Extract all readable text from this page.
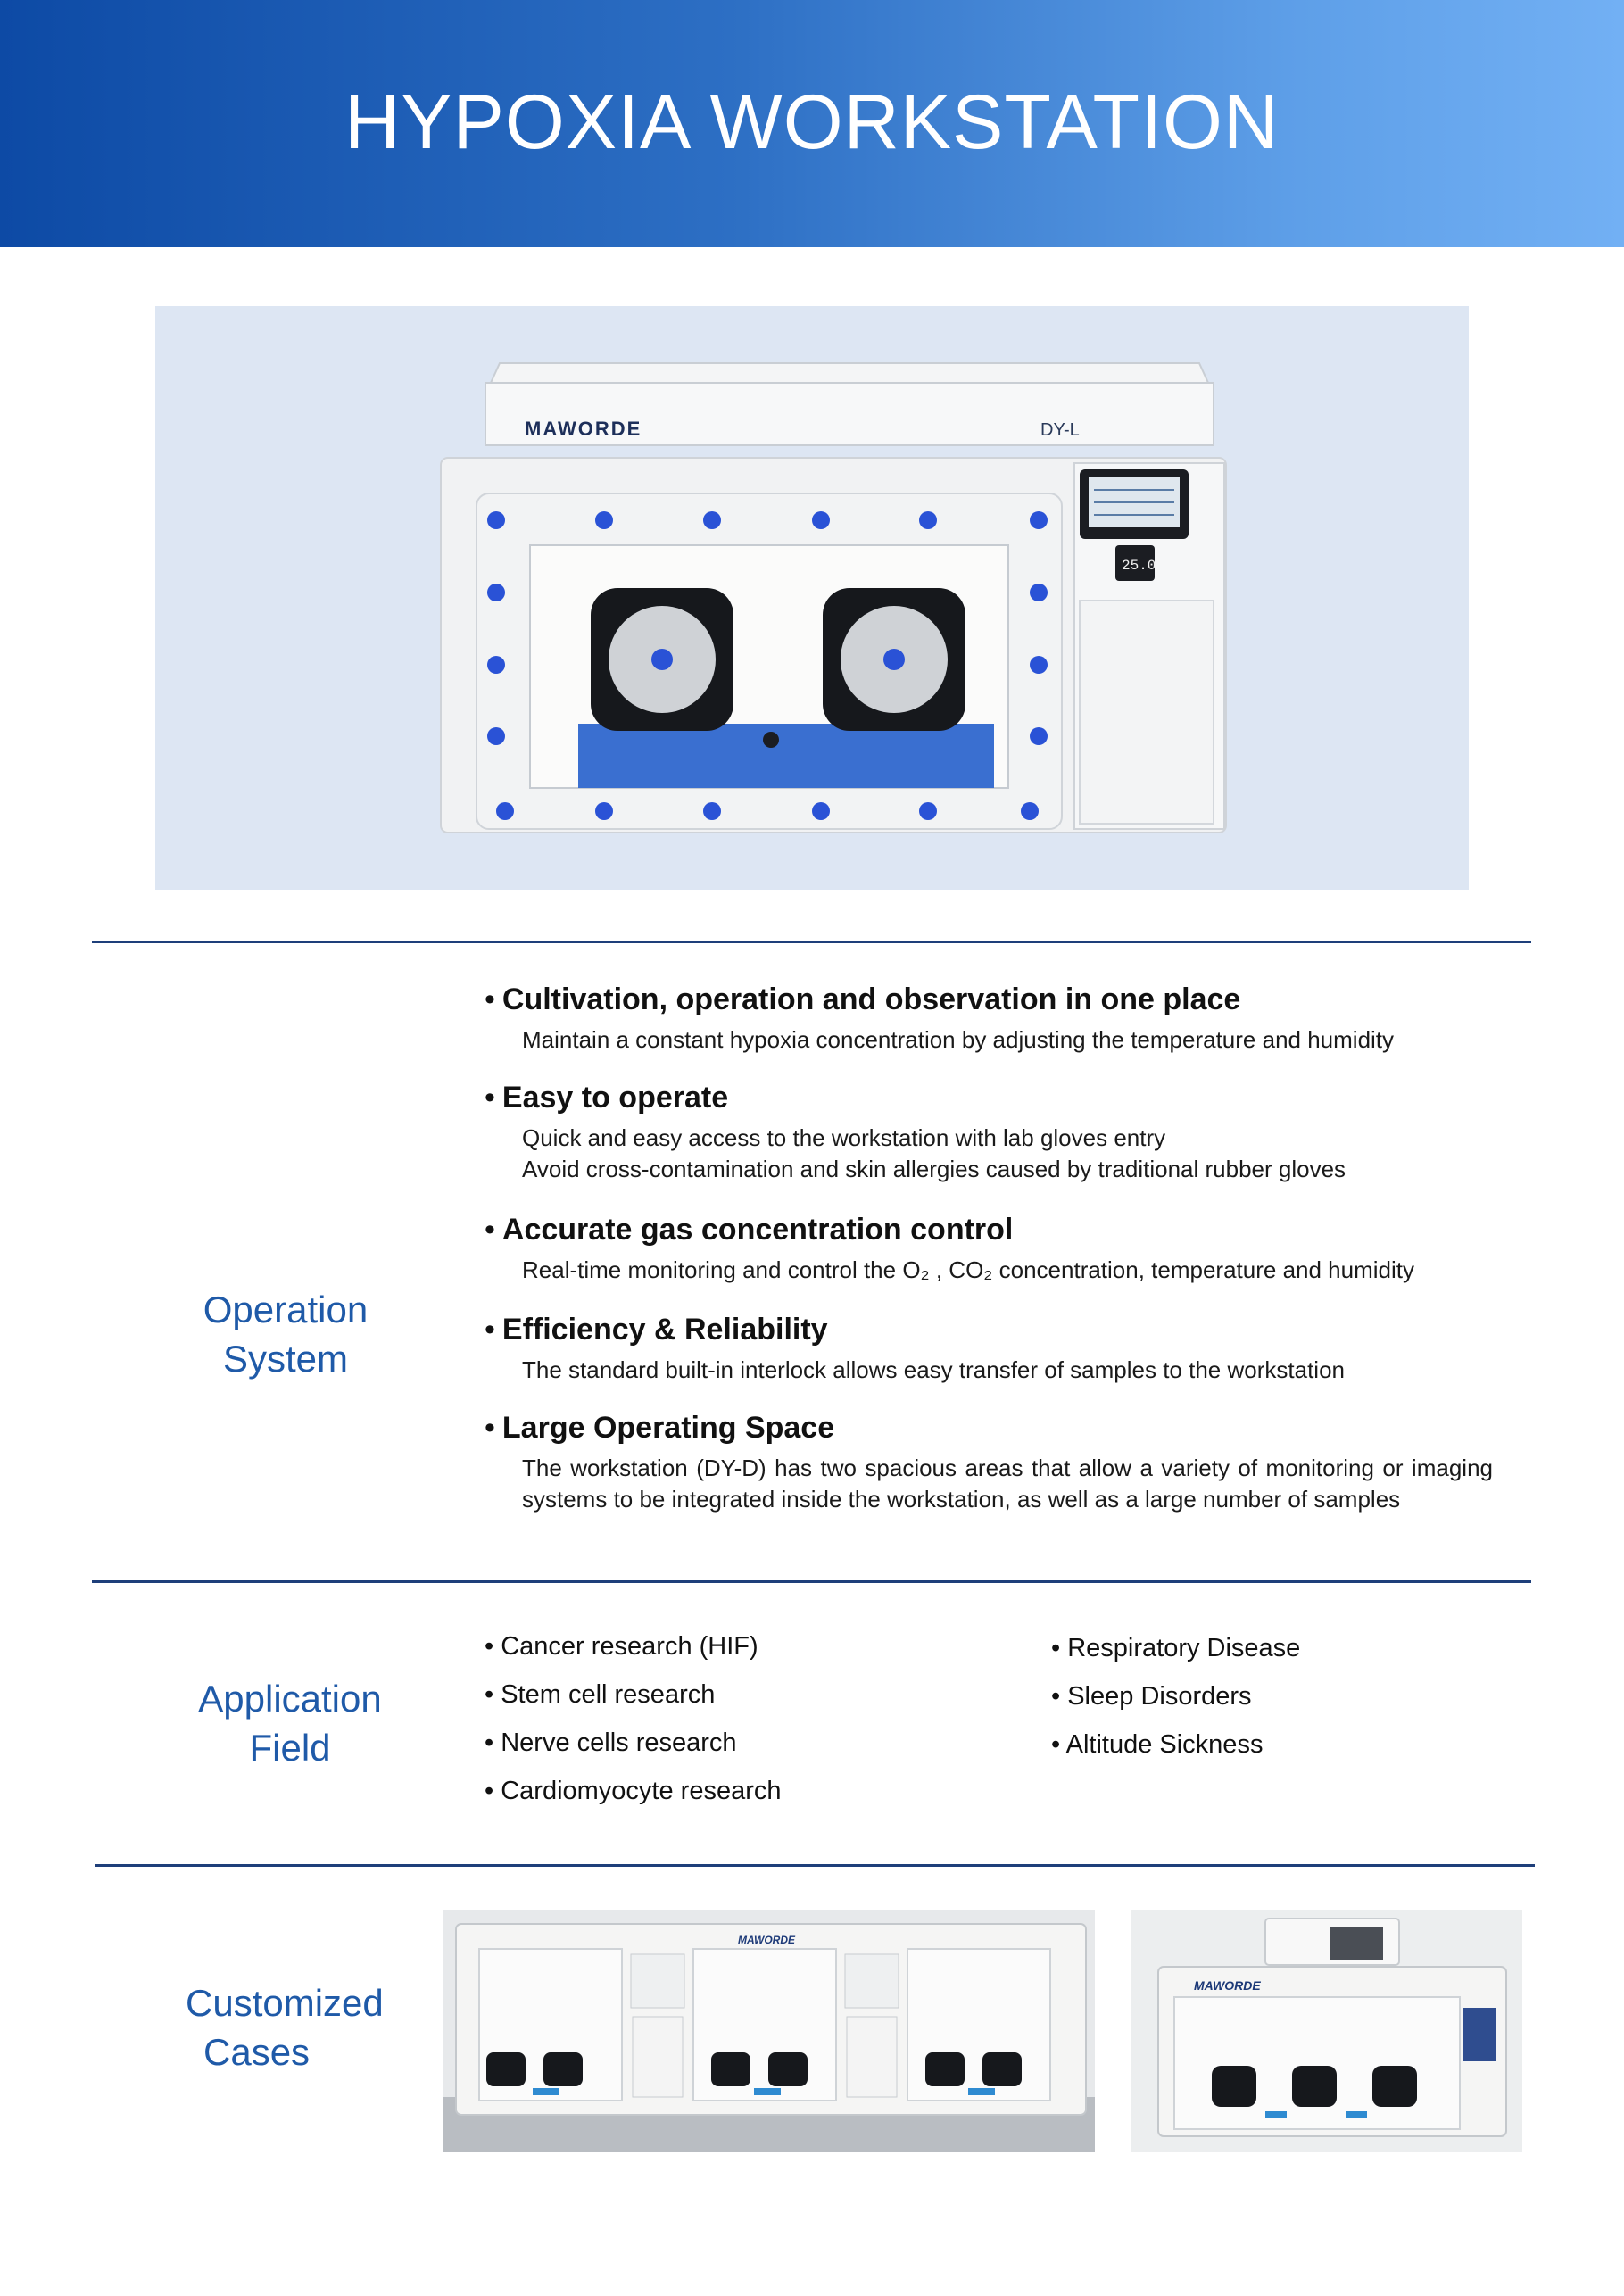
HYPOXIA WORKSTATION
MAWORDE	DY-L
25.0
Operation
System
• Cultivation, operation and observation in one place
Maintain a constant hypoxia concentration by adjusting the temperature and humidity
• Easy to operate
Quick and easy access to the workstation with lab gloves entry
Avoid cross-contamination and skin allergies caused by traditional rubber gloves
• Accurate gas concentration control
Real-time monitoring and control the O₂ , CO₂ concentration, temperature and humidity
• Efficiency & Reliability
The standard built-in interlock allows easy transfer of samples to the workstation
• Large Operating Space
The workstation (DY-D) has two spacious areas that allow a variety of monitoring or imaging systems to be integrated inside the workstation, as well as a large number of samples
Application
Field
• Cancer research (HIF)
• Stem cell research
• Nerve cells research
• Cardiomyocyte research
• Respiratory Disease
• Sleep Disorders
• Altitude Sickness
Customized
Cases
MAWORDE
MAWORDE
